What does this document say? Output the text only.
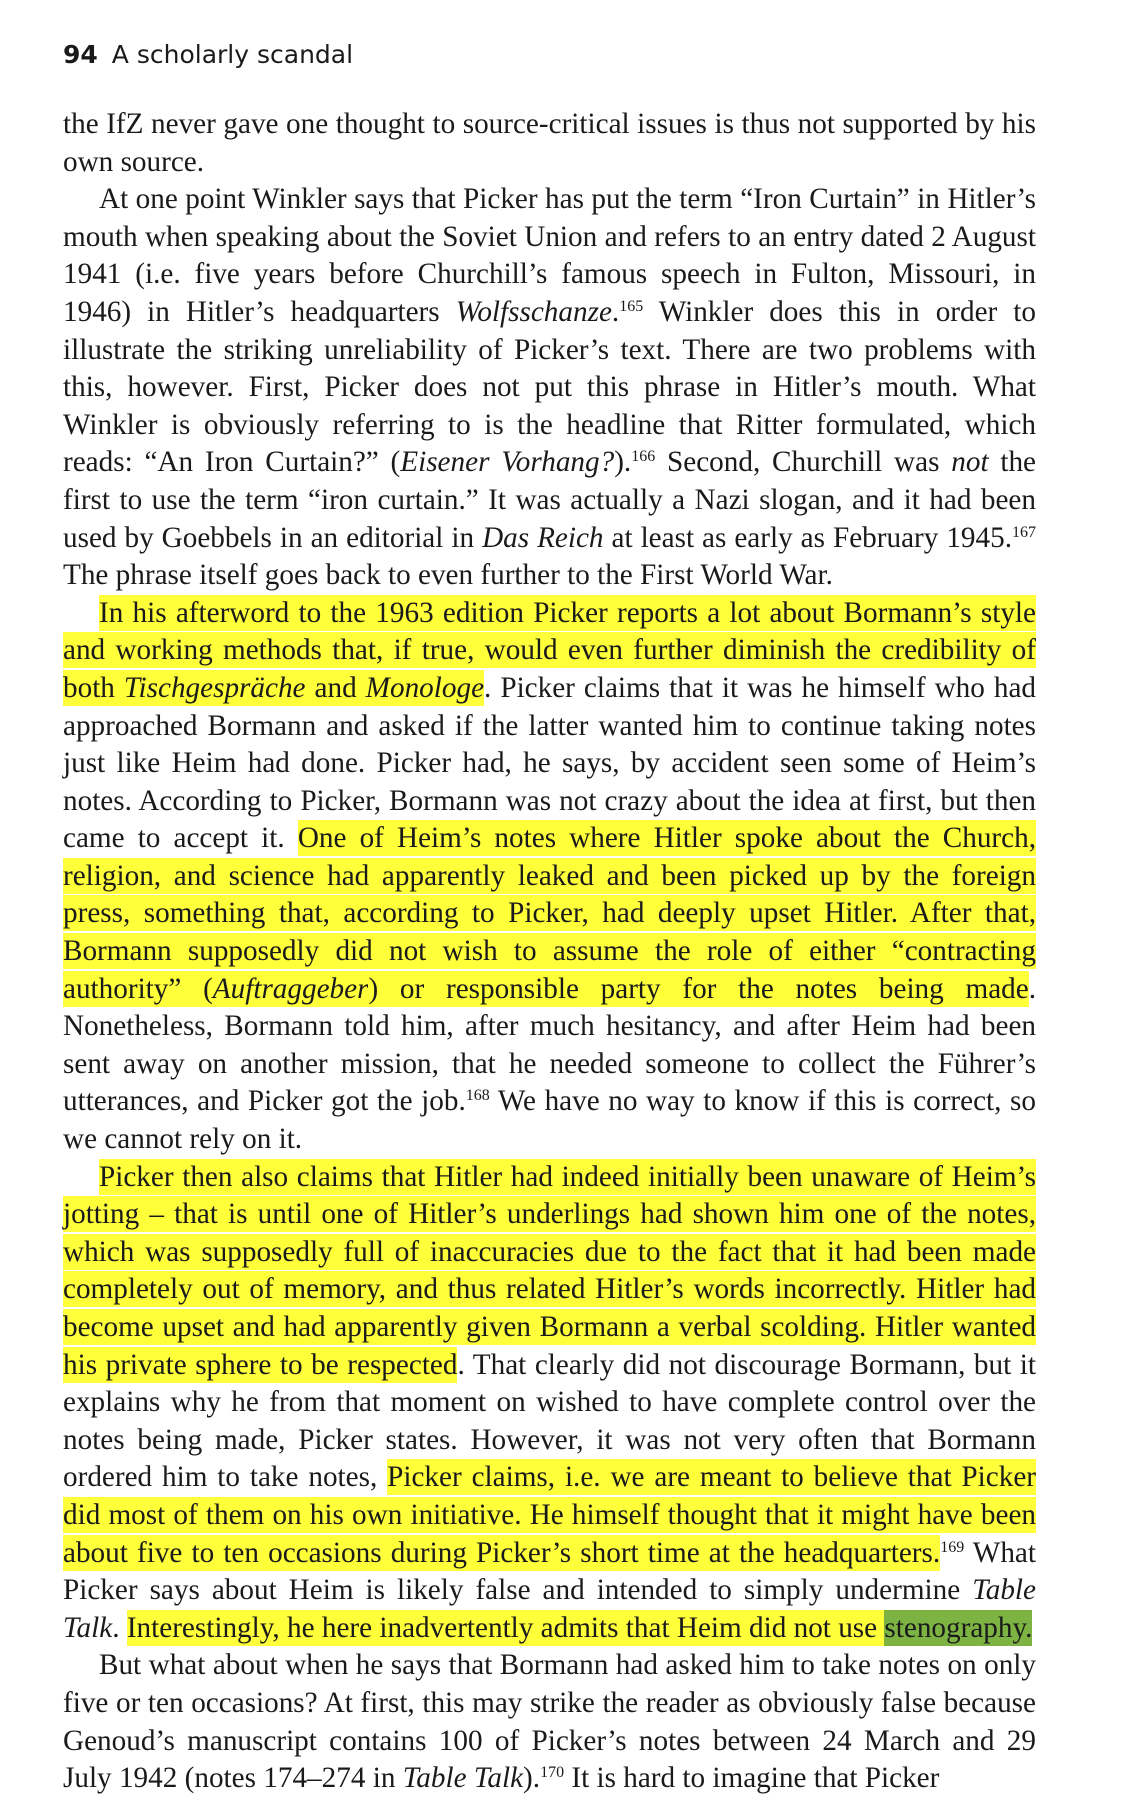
94 A scholarly scandal

the IfZ never gave one thought to source-critical issues is thus not supported by his own source.

At one point Winkler says that Picker has put the term “Iron Curtain” in Hitler’s mouth when speaking about the Soviet Union and refers to an entry dated 2 August 1941 (i.e. five years before Churchill’s famous speech in Fulton, Missouri, in 1946) in Hitler’s headquarters Wolfsschanze.$^{165}$ Winkler does this in order to illustrate the striking unreliability of Picker’s text. There are two problems with this, however. First, Picker does not put this phrase in Hitler’s mouth. What Winkler is obviously referring to is the headline that Ritter formulated, which reads: “An Iron Curtain?” (Eisener Vorhang?).$^{166}$ Second, Churchill was not the first to use the term “iron curtain.” It was actually a Nazi slogan, and it had been used by Goebbels in an editorial in Das Reich at least as early as February 1945.$^{167}$ The phrase itself goes back to even further to the First World War.

In his afterword to the 1963 edition Picker reports a lot about Bormann’s style and working methods that, if true, would even further diminish the credibility of both Tischgespräche and Monologe. Picker claims that it was he himself who had approached Bormann and asked if the latter wanted him to continue taking notes just like Heim had done. Picker had, he says, by accident seen some of Heim’s notes. According to Picker, Bormann was not crazy about the idea at first, but then came to accept it. One of Heim’s notes where Hitler spoke about the Church, religion, and science had apparently leaked and been picked up by the foreign press, something that, according to Picker, had deeply upset Hitler. After that, Bormann supposedly did not wish to assume the role of either “contracting authority” (Auftraggeber) or responsible party for the notes being made. Nonetheless, Bormann told him, after much hesitancy, and after Heim had been sent away on another mission, that he needed someone to collect the Führer’s utterances, and Picker got the job.$^{168}$ We have no way to know if this is correct, so we cannot rely on it.

Picker then also claims that Hitler had indeed initially been unaware of Heim’s jotting – that is until one of Hitler’s underlings had shown him one of the notes, which was supposedly full of inaccuracies due to the fact that it had been made completely out of memory, and thus related Hitler’s words incorrectly. Hitler had become upset and had apparently given Bormann a verbal scolding. Hitler wanted his private sphere to be respected. That clearly did not discourage Bormann, but it explains why he from that moment on wished to have complete control over the notes being made, Picker states. However, it was not very often that Bormann ordered him to take notes, Picker claims, i.e. we are meant to believe that Picker did most of them on his own initiative. He himself thought that it might have been about five to ten occasions during Picker’s short time at the headquarters.$^{169}$ What Picker says about Heim is likely false and intended to simply undermine Table Talk. Interestingly, he here inadvertently admits that Heim did not use stenography.

But what about when he says that Bormann had asked him to take notes on only five or ten occasions? At first, this may strike the reader as obviously false because Genoud’s manuscript contains 100 of Picker’s notes between 24 March and 29 July 1942 (notes 174–274 in Table Talk).$^{170}$ It is hard to imagine that Picker
